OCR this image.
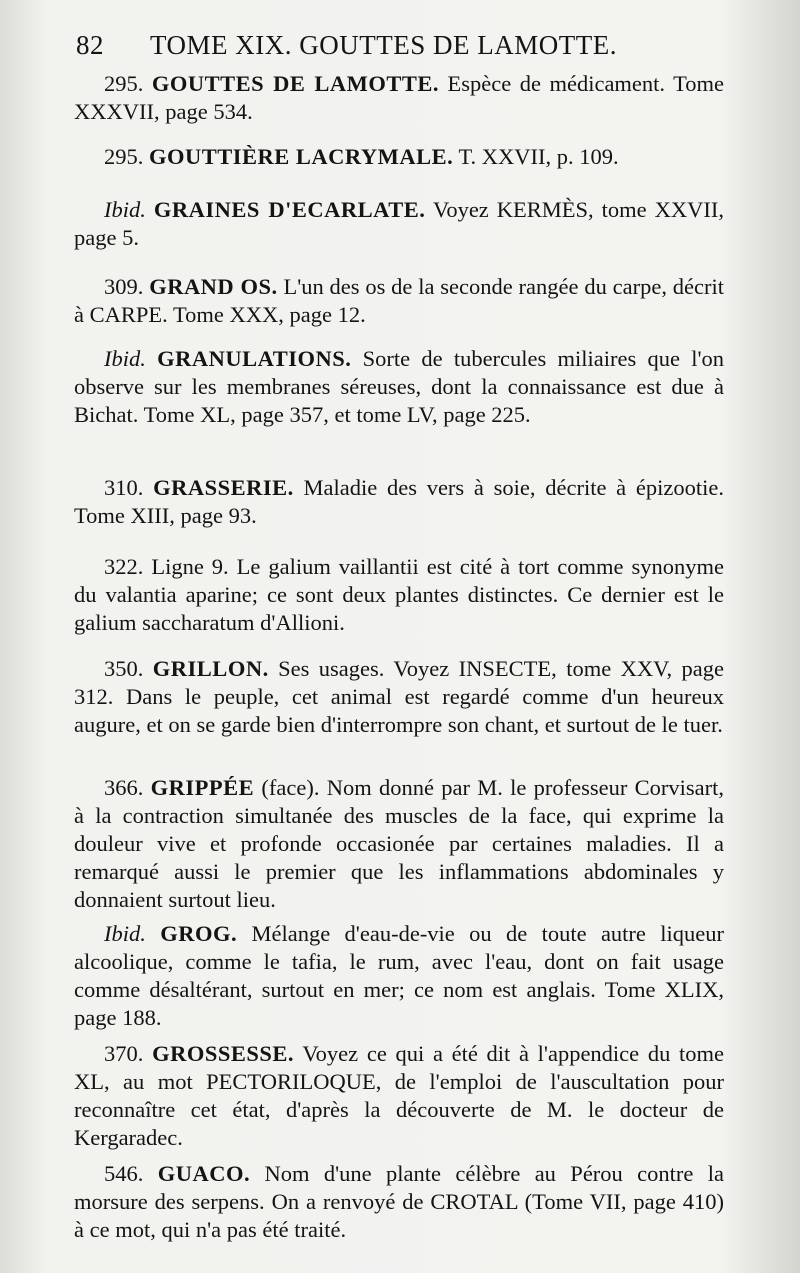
82 TOME XIX. GOUTTES DE LAMOTTE.
295. GOUTTES DE LAMOTTE. Espèce de médicament. Tome XXXVII, page 534.
295. GOUTTIÈRE LACRYMALE. T. XXVII, p. 109.
Ibid. GRAINES D'ECARLATE. Voyez KERMÈS, tome XXVII, page 5.
309. GRAND OS. L'un des os de la seconde rangée du carpe, décrit à CARPE. Tome XXX, page 12.
Ibid. GRANULATIONS. Sorte de tubercules miliaires que l'on observe sur les membranes séreuses, dont la connaissance est due à Bichat. Tome XL, page 357, et tome LV, page 225.
310. GRASSERIE. Maladie des vers à soie, décrite à épizootie. Tome XIII, page 93.
322. Ligne 9. Le galium vaillantii est cité à tort comme synonyme du valantia aparine; ce sont deux plantes distinctes. Ce dernier est le galium saccharatum d'Allioni.
350. GRILLON. Ses usages. Voyez INSECTE, tome XXV, page 312. Dans le peuple, cet animal est regardé comme d'un heureux augure, et on se garde bien d'interrompre son chant, et surtout de le tuer.
366. GRIPPÉE (face). Nom donné par M. le professeur Corvisart, à la contraction simultanée des muscles de la face, qui exprime la douleur vive et profonde occasionée par certaines maladies. Il a remarqué aussi le premier que les inflammations abdominales y donnaient surtout lieu.
Ibid. GROG. Mélange d'eau-de-vie ou de toute autre liqueur alcoolique, comme le tafia, le rum, avec l'eau, dont on fait usage comme désaltérant, surtout en mer; ce nom est anglais. Tome XLIX, page 188.
370. GROSSESSE. Voyez ce qui a été dit à l'appendice du tome XL, au mot PECTORILOQUE, de l'emploi de l'auscultation pour reconnaître cet état, d'après la découverte de M. le docteur de Kergaradec.
546. GUACO. Nom d'une plante célèbre au Pérou contre la morsure des serpens. On a renvoyé de CROTAL (Tome VII, page 410) à ce mot, qui n'a pas été traité.
